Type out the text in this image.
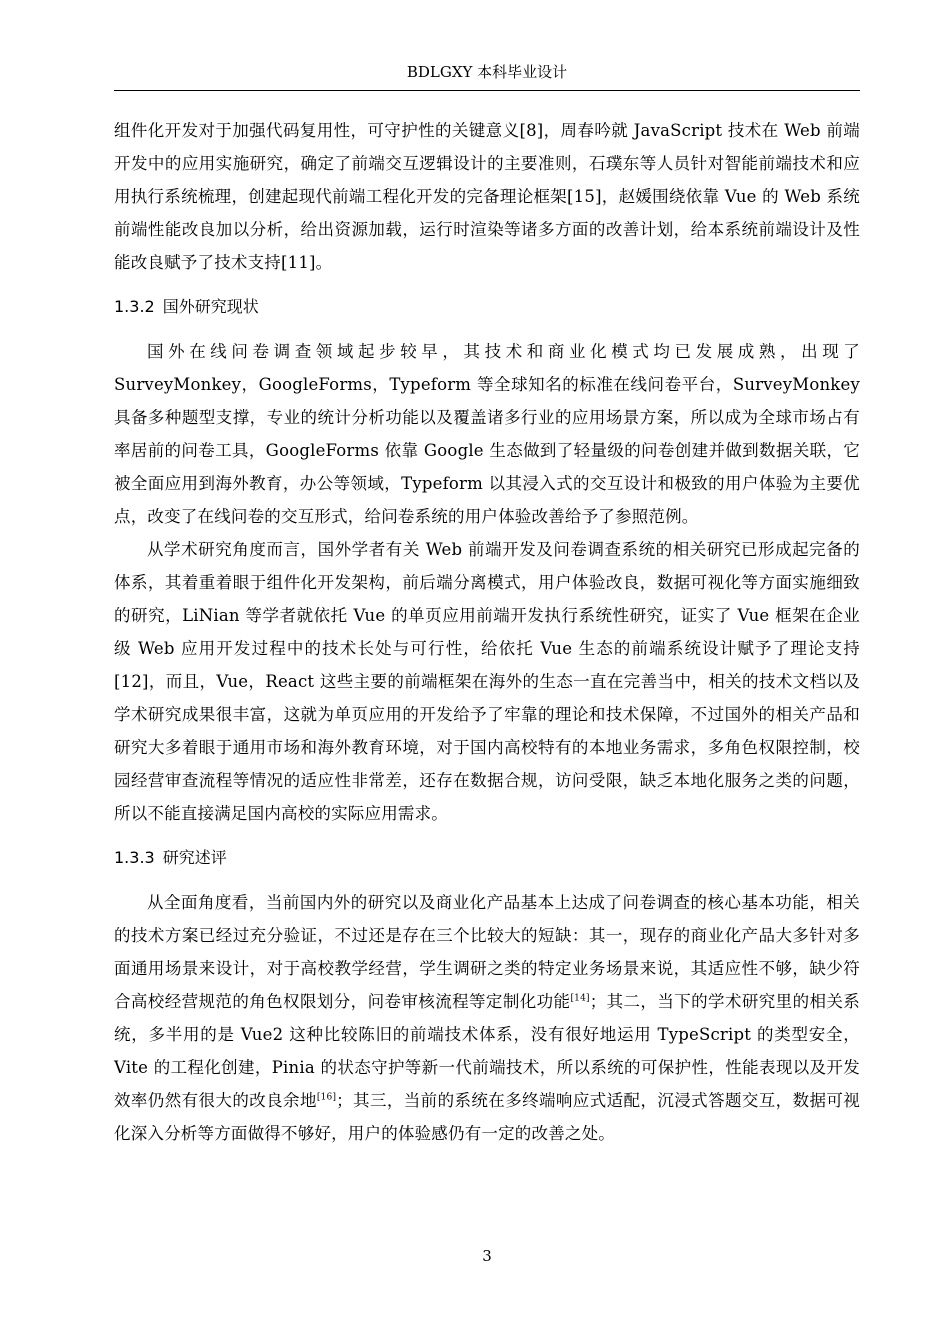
BDLGXY 本科毕业设计

组件化开发对于加强代码复用性，可守护性的关键意义[8]，周春吟就 JavaScript 技术在 Web 前端开发中的应用实施研究，确定了前端交互逻辑设计的主要准则，石璞东等人员针对智能前端技术和应用执行系统梳理，创建起现代前端工程化开发的完备理论框架[15]，赵媛围绕依靠 Vue 的 Web 系统前端性能改良加以分析，给出资源加载，运行时渲染等诸多方面的改善计划，给本系统前端设计及性能改良赋予了技术支持[11]。

1.3.2 国外研究现状

国外在线问卷调查领域起步较早，其技术和商业化模式均已发展成熟，出现了 SurveyMonkey，GoogleForms，Typeform 等全球知名的标准在线问卷平台，SurveyMonkey 具备多种题型支撑，专业的统计分析功能以及覆盖诸多行业的应用场景方案，所以成为全球市场占有率居前的问卷工具，GoogleForms 依靠 Google 生态做到了轻量级的问卷创建并做到数据关联，它被全面应用到海外教育，办公等领域，Typeform 以其浸入式的交互设计和极致的用户体验为主要优点，改变了在线问卷的交互形式，给问卷系统的用户体验改善给予了参照范例。

从学术研究角度而言，国外学者有关 Web 前端开发及问卷调查系统的相关研究已形成起完备的体系，其着重着眼于组件化开发架构，前后端分离模式，用户体验改良，数据可视化等方面实施细致的研究，LiNian 等学者就依托 Vue 的单页应用前端开发执行系统性研究，证实了 Vue 框架在企业级 Web 应用开发过程中的技术长处与可行性，给依托 Vue 生态的前端系统设计赋予了理论支持[12]，而且，Vue，React 这些主要的前端框架在海外的生态一直在完善当中，相关的技术文档以及学术研究成果很丰富，这就为单页应用的开发给予了牢靠的理论和技术保障，不过国外的相关产品和研究大多着眼于通用市场和海外教育环境，对于国内高校特有的本地业务需求，多角色权限控制，校园经营审查流程等情况的适应性非常差，还存在数据合规，访问受限，缺乏本地化服务之类的问题，所以不能直接满足国内高校的实际应用需求。

1.3.3 研究述评

从全面角度看，当前国内外的研究以及商业化产品基本上达成了问卷调查的核心基本功能，相关的技术方案已经过充分验证，不过还是存在三个比较大的短缺：其一，现存的商业化产品大多针对多面通用场景来设计，对于高校教学经营，学生调研之类的特定业务场景来说，其适应性不够，缺少符合高校经营规范的角色权限划分，问卷审核流程等定制化功能[14]；其二，当下的学术研究里的相关系统，多半用的是 Vue2 这种比较陈旧的前端技术体系，没有很好地运用 TypeScript 的类型安全，Vite 的工程化创建，Pinia 的状态守护等新一代前端技术，所以系统的可保护性，性能表现以及开发效率仍然有很大的改良余地[16]；其三，当前的系统在多终端响应式适配，沉浸式答题交互，数据可视化深入分析等方面做得不够好，用户的体验感仍有一定的改善之处。

3
